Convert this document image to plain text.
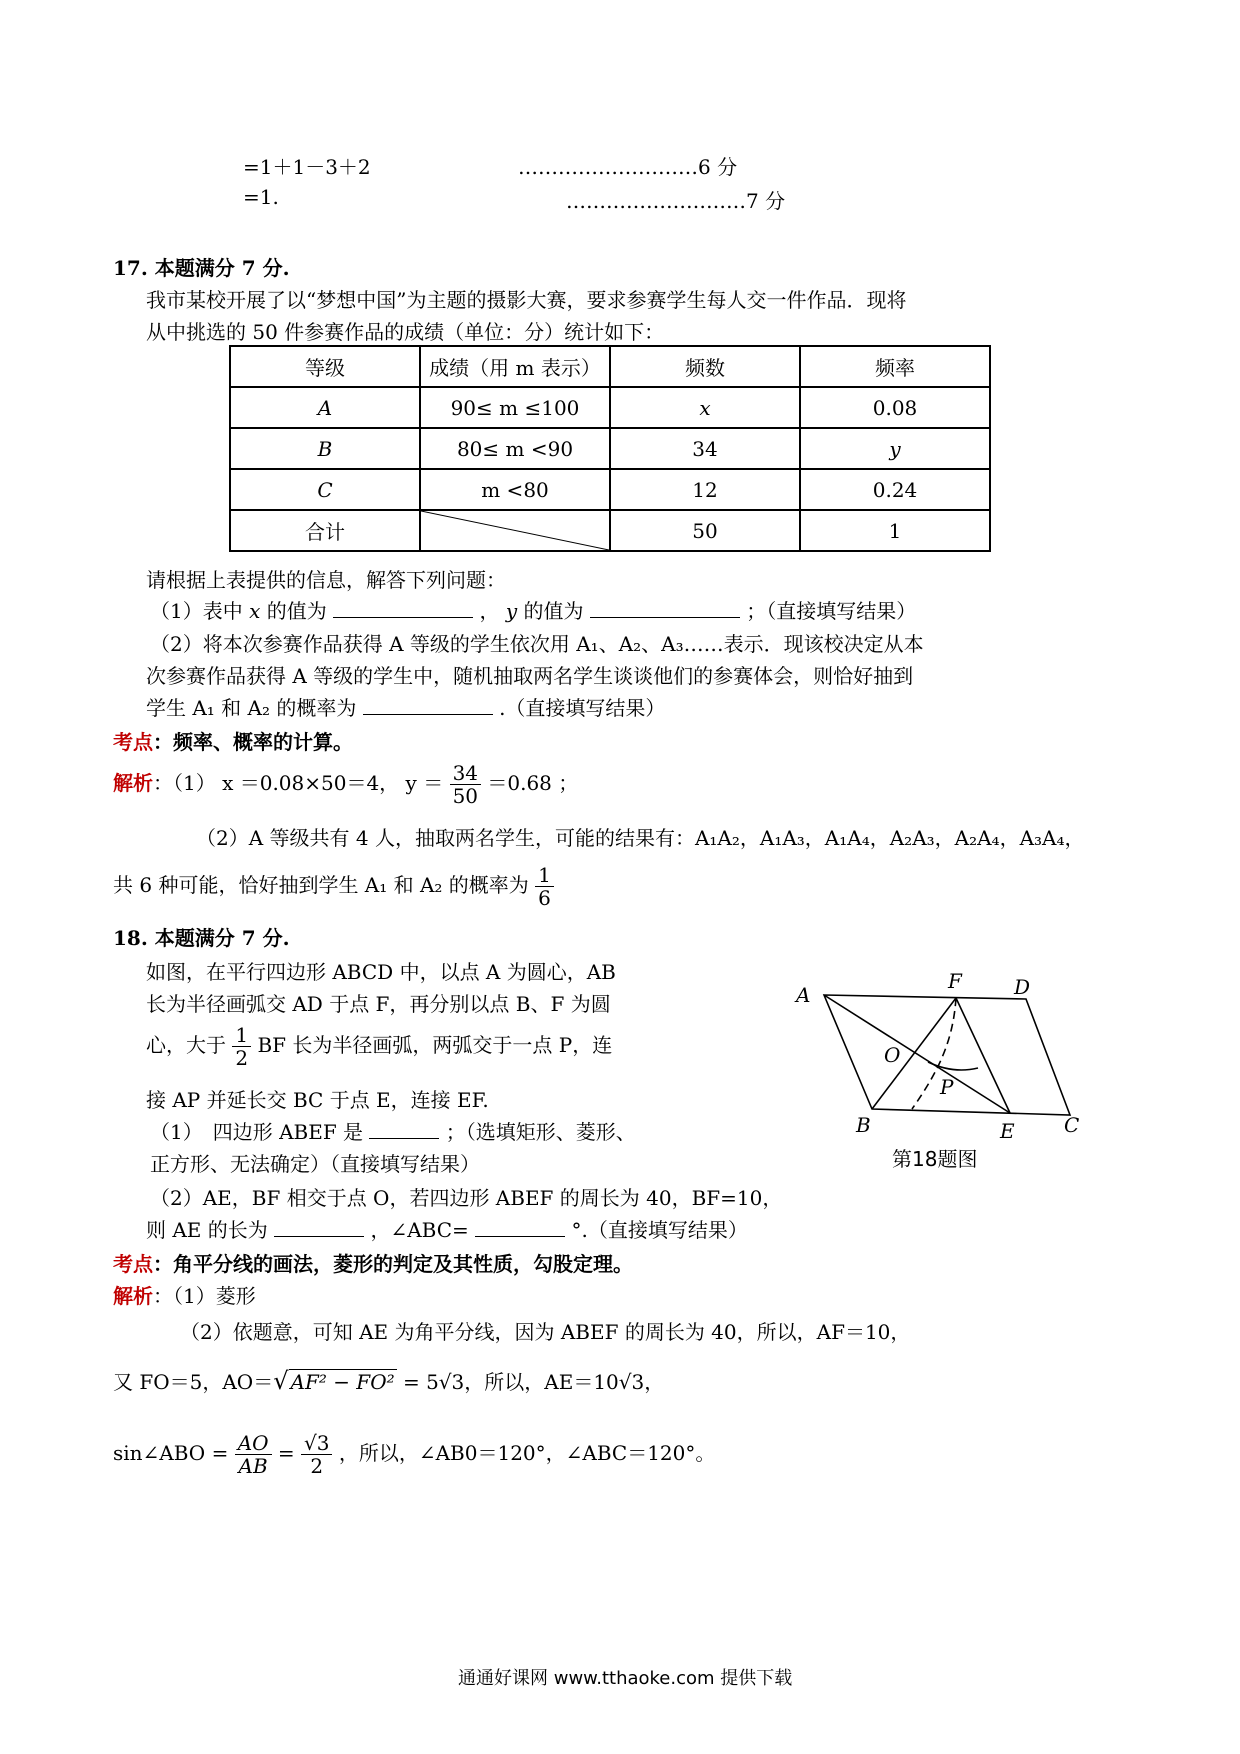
=1＋1－3＋2	………………………6 分
=1.	………………………7 分
17. 本题满分 7 分.
我市某校开展了以“梦想中国”为主题的摄影大赛，要求参赛学生每人交一件作品．现将
从中挑选的 50 件参赛作品的成绩（单位：分）统计如下：
等级	成绩（用 m 表示）	频数	频率
A	90≤ m ≤100	x	0.08
B	80≤ m <90	34	y
C	m <80	12	0.24
合计		50	1
请根据上表提供的信息，解答下列问题：
（1）表中 x 的值为	， y 的值为	；（直接填写结果）
（2）将本次参赛作品获得 A 等级的学生依次用 A₁、A₂、A₃……表示．现该校决定从本
次参赛作品获得 A 等级的学生中，随机抽取两名学生谈谈他们的参赛体会，则恰好抽到
学生 A₁ 和 A₂ 的概率为	.（直接填写结果）
考点：频率、概率的计算。
解析：（1） x ＝0.08×50＝4， $y = \frac{34}{50} =0.68$ ；
（2）A 等级共有 4 人，抽取两名学生，可能的结果有：A₁A₂，A₁A₃，A₁A₄，A₂A₃，A₂A₄，A₃A₄，
共 6 种可能，恰好抽到学生 A₁ 和 A₂ 的概率为 $\frac{1}{6}$
18. 本题满分 7 分.
如图，在平行四边形 ABCD 中，以点 A 为圆心，AB
长为半径画弧交 AD 于点 F，再分别以点 B、F 为圆
心，大于 $\frac{1}{2}$ BF 长为半径画弧，两弧交于一点 P，连
接 AP 并延长交 BC 于点 E，连接 EF.
（1）　四边形 ABEF 是	；（选填矩形、菱形、
正方形、无法确定）（直接填写结果）
（2）AE，BF 相交于点 O，若四边形 ABEF 的周长为 40，BF=10，
则 AE 的长为	，∠ABC=	°.（直接填写结果）
A
F	D
O
P
B	E C
第18题图
考点：角平分线的画法，菱形的判定及其性质，勾股定理。
解析：（1）菱形
（2）依题意，可知 AE 为角平分线，因为 ABEF 的周长为 40，所以，AF＝10，
又 FO＝5，AO＝√ AF² − FO² = 5√3，所以，AE＝10√3，
sin∠ABO = $\frac{AO}{AB} = \frac{√3}{2}$ ，所以，∠AB0＝120°，∠ABC＝120°。
通通好课网 www.tthaoke.com 提供下载
